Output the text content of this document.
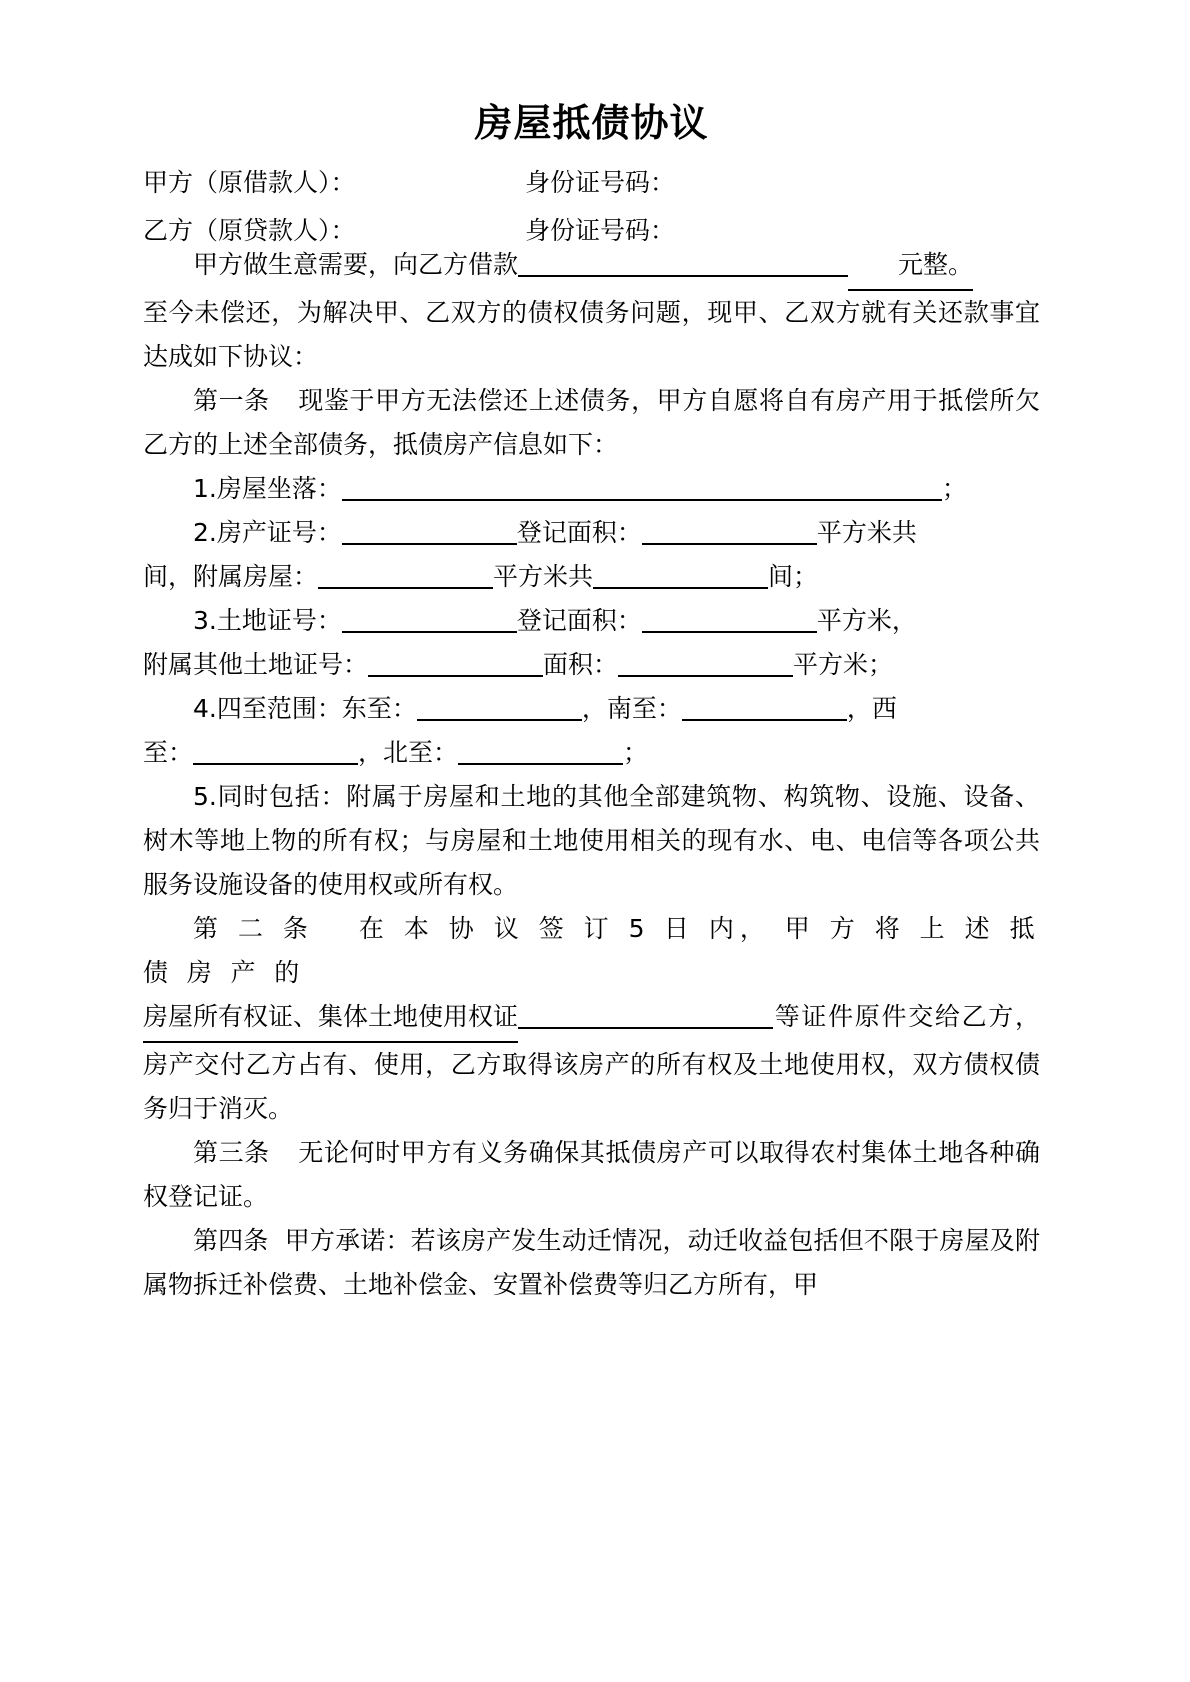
房屋抵债协议
甲方（原借款人）：	身份证号码：
乙方（原贷款人）：	身份证号码：

甲方做生意需要，向乙方借款	元整。
至今未偿还，为解决甲、乙双方的债权债务问题，现甲、乙双方就有关还款事宜达成如下协议：

第一条 现鉴于甲方无法偿还上述债务，甲方自愿将自有房产用于抵偿所欠乙方的上述全部债务，抵债房产信息如下：

1.房屋坐落：	；

2.房产证号：	登记面积：	平方米共
间，附属房屋：	平方米共	间；

3.土地证号：	登记面积：	平方米，
附属其他土地证号：	面积：	平方米；

4.四至范围：东至：	，南至：	，西
至：	，北至：	；

5.同时包括：附属于房屋和土地的其他全部建筑物、构筑物、设施、设备、树木等地上物的所有权；与房屋和土地使用相关的现有水、电、电信等各项公共服务设施设备的使用权或所有权。

第 二 条　 在 本 协 议 签 订 5 日 内， 甲 方 将 上 述 抵 债 房 产 的

房屋所有权证、集体土地使用权证	等证件原件交给乙方，房产交付乙方占有、使用，乙方取得该房产的所有权及土地使用权，双方债权债务归于消灭。

第三条 无论何时甲方有义务确保其抵债房产可以取得农村集体土地各种确权登记证。

第四条 甲方承诺：若该房产发生动迁情况，动迁收益包括但不限于房屋及附属物拆迁补偿费、土地补偿金、安置补偿费等归乙方所有，甲
